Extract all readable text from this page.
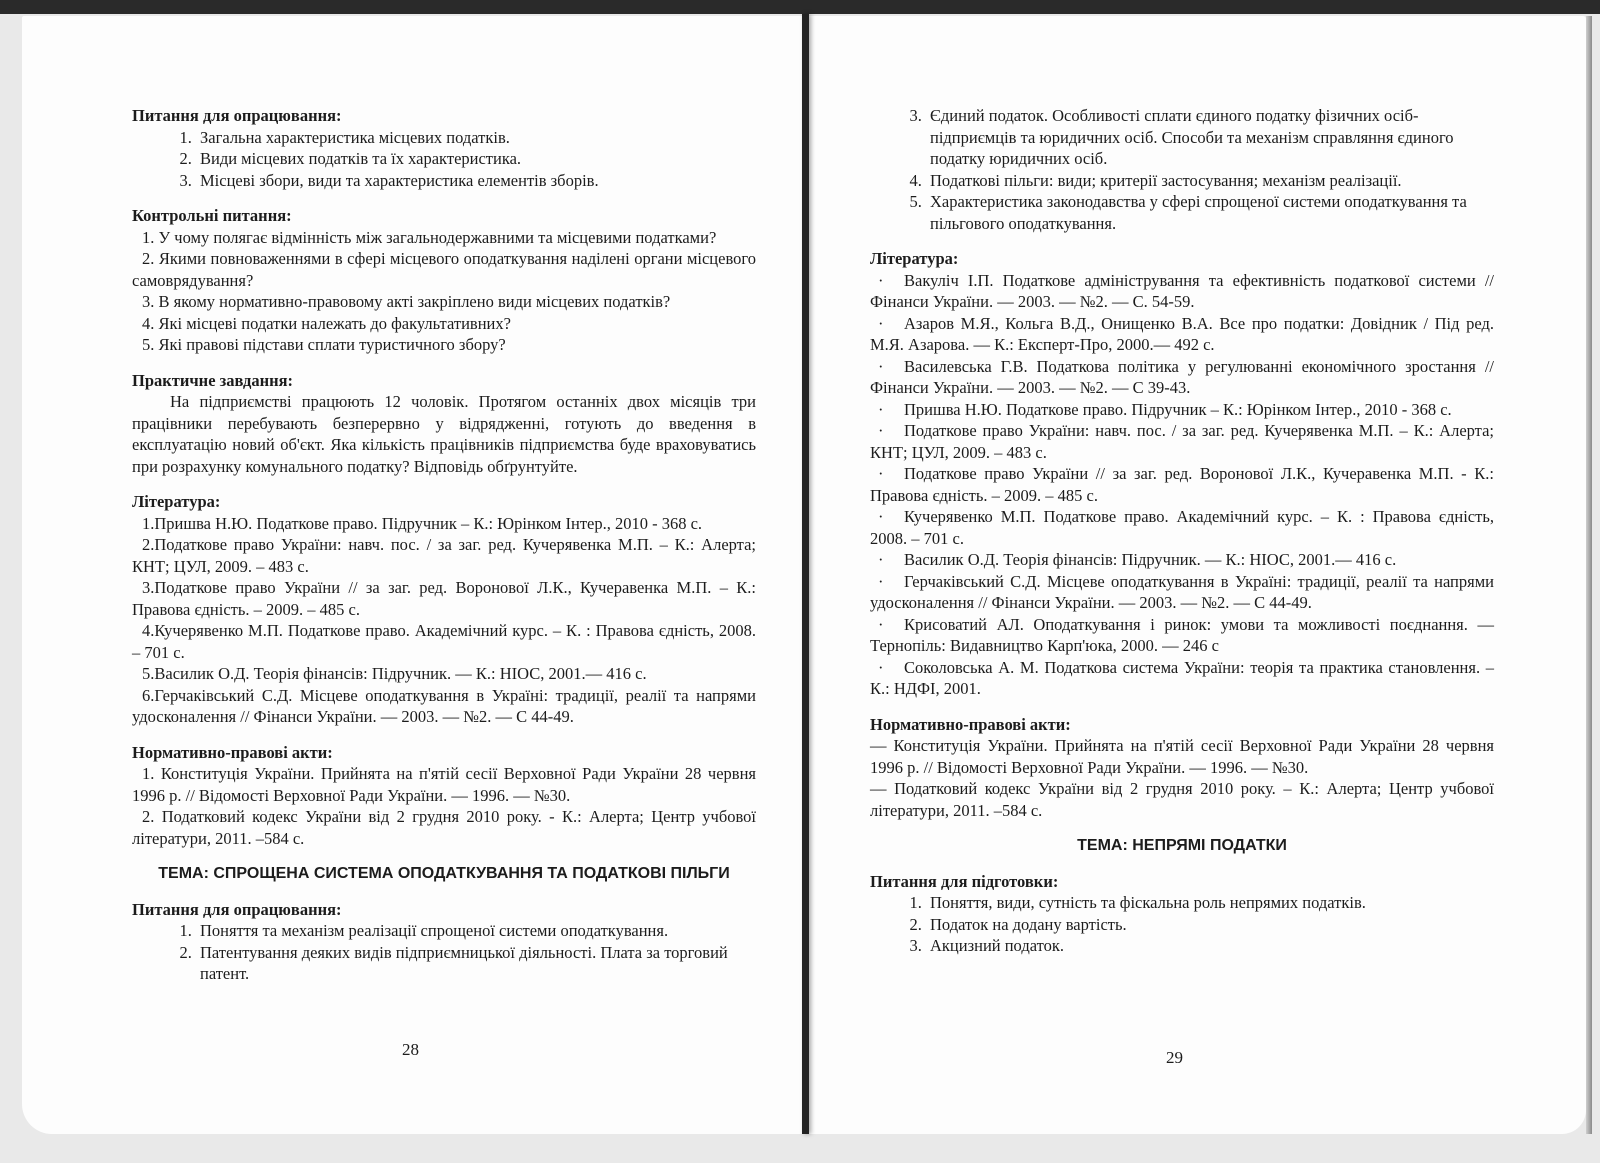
Питання для опрацювання:

1. Загальна характеристика місцевих податків.
2. Види місцевих податків та їх характеристика.
3. Місцеві збори, види та характеристика елементів зборів.

Контрольні питання:

1. У чому полягає відмінність між загальнодержавними та місцевими податками?

2. Якими повноваженнями в сфері місцевого оподаткування наділені органи місцевого самоврядування?

3. В якому нормативно-правовому акті закріплено види місцевих податків?

4. Які місцеві податки належать до факультативних?

5. Які правові підстави сплати туристичного збору?

Практичне завдання:

На підприємстві працюють 12 чоловік. Протягом останніх двох місяців три працівники перебувають безперервно у відрядженні, готують до введення в експлуатацію новий об'єкт. Яка кількість працівників підприємства буде враховуватись при розрахунку комунального податку? Відповідь обґрунтуйте.

Література:

1.Пришва Н.Ю. Податкове право. Підручник – К.: Юрінком Інтер., 2010 - 368 с.

2.Податкове право України: навч. пос. / за заг. ред. Кучерявенка М.П. – К.: Алерта; КНТ; ЦУЛ, 2009. – 483 с.

3.Податкове право України // за заг. ред. Воронової Л.К., Кучеравенка М.П. – К.: Правова єдність. – 2009. – 485 с.

4.Кучерявенко М.П. Податкове право. Академічний курс. – К. : Правова єдність, 2008. – 701 с.

5.Василик О.Д. Теорія фінансів: Підручник. — К.: НІОС, 2001.— 416 с.

6.Герчаківський С.Д. Місцеве оподаткування в Україні: традиції, реалії та напрями удосконалення // Фінанси України. — 2003. — №2. — С 44-49.

Нормативно-правові акти:

1. Конституція України. Прийнята на п'ятій сесії Верховної Ради України 28 червня 1996 р. // Відомості Верховної Ради України. — 1996. — №30.

2. Податковий кодекс України від 2 грудня 2010 року. - К.: Алерта; Центр учбової літератури, 2011. –584 с.

ТЕМА: СПРОЩЕНА СИСТЕМА ОПОДАТКУВАННЯ ТА ПОДАТКОВІ ПІЛЬГИ

Питання для опрацювання:

1. Поняття та механізм реалізації спрощеної системи оподаткування.
2. Патентування деяких видів підприємницької діяльності. Плата за торговий патент.
28
3. Єдиний податок. Особливості сплати єдиного податку фізичних осіб-підприємців та юридичних осіб. Способи та механізм справляння єдиного податку юридичних осіб.
4. Податкові пільги: види; критерії застосування; механізм реалізації.
5. Характеристика законодавства у сфері спрощеної системи оподаткування та пільгового оподаткування.

Література:

· Вакуліч І.П. Податкове адміністрування та ефективність податкової системи // Фінанси України. — 2003. — №2. — С. 54-59.

· Азаров М.Я., Кольга В.Д., Онищенко В.А. Все про податки: Довідник / Під ред. М.Я. Азарова. — К.: Експерт-Про, 2000.— 492 с.

· Василевська Г.В. Податкова політика у регулюванні економічного зростання // Фінанси України. — 2003. — №2. — С 39-43.

· Пришва Н.Ю. Податкове право. Підручник – К.: Юрінком Інтер., 2010 - 368 с.

· Податкове право України: навч. пос. / за заг. ред. Кучерявенка М.П. – К.: Алерта; КНТ; ЦУЛ, 2009. – 483 с.

· Податкове право України // за заг. ред. Воронової Л.К., Кучеравенка М.П. - К.: Правова єдність. – 2009. – 485 с.

· Кучерявенко М.П. Податкове право. Академічний курс. – К. : Правова єдність, 2008. – 701 с.

· Василик О.Д. Теорія фінансів: Підручник. — К.: НІОС, 2001.— 416 с.

· Герчаківський С.Д. Місцеве оподаткування в Україні: традиції, реалії та напрями удосконалення // Фінанси України. — 2003. — №2. — С 44-49.

· Крисоватий АЛ. Оподаткування і ринок: умови та можливості поєднання. — Тернопіль: Видавництво Карп'юка, 2000. — 246 с

· Соколовська А. М. Податкова система України: теорія та практика становлення. – К.: НДФІ, 2001.

Нормативно-правові акти:

— Конституція України. Прийнята на п'ятій сесії Верховної Ради України 28 червня 1996 р. // Відомості Верховної Ради України. — 1996. — №30.

— Податковий кодекс України від 2 грудня 2010 року. – К.: Алерта; Центр учбової літератури, 2011. –584 с.

ТЕМА: НЕПРЯМІ ПОДАТКИ

Питання для підготовки:

1. Поняття, види, сутність та фіскальна роль непрямих податків.
2. Податок на додану вартість.
3. Акцизний податок.
29
